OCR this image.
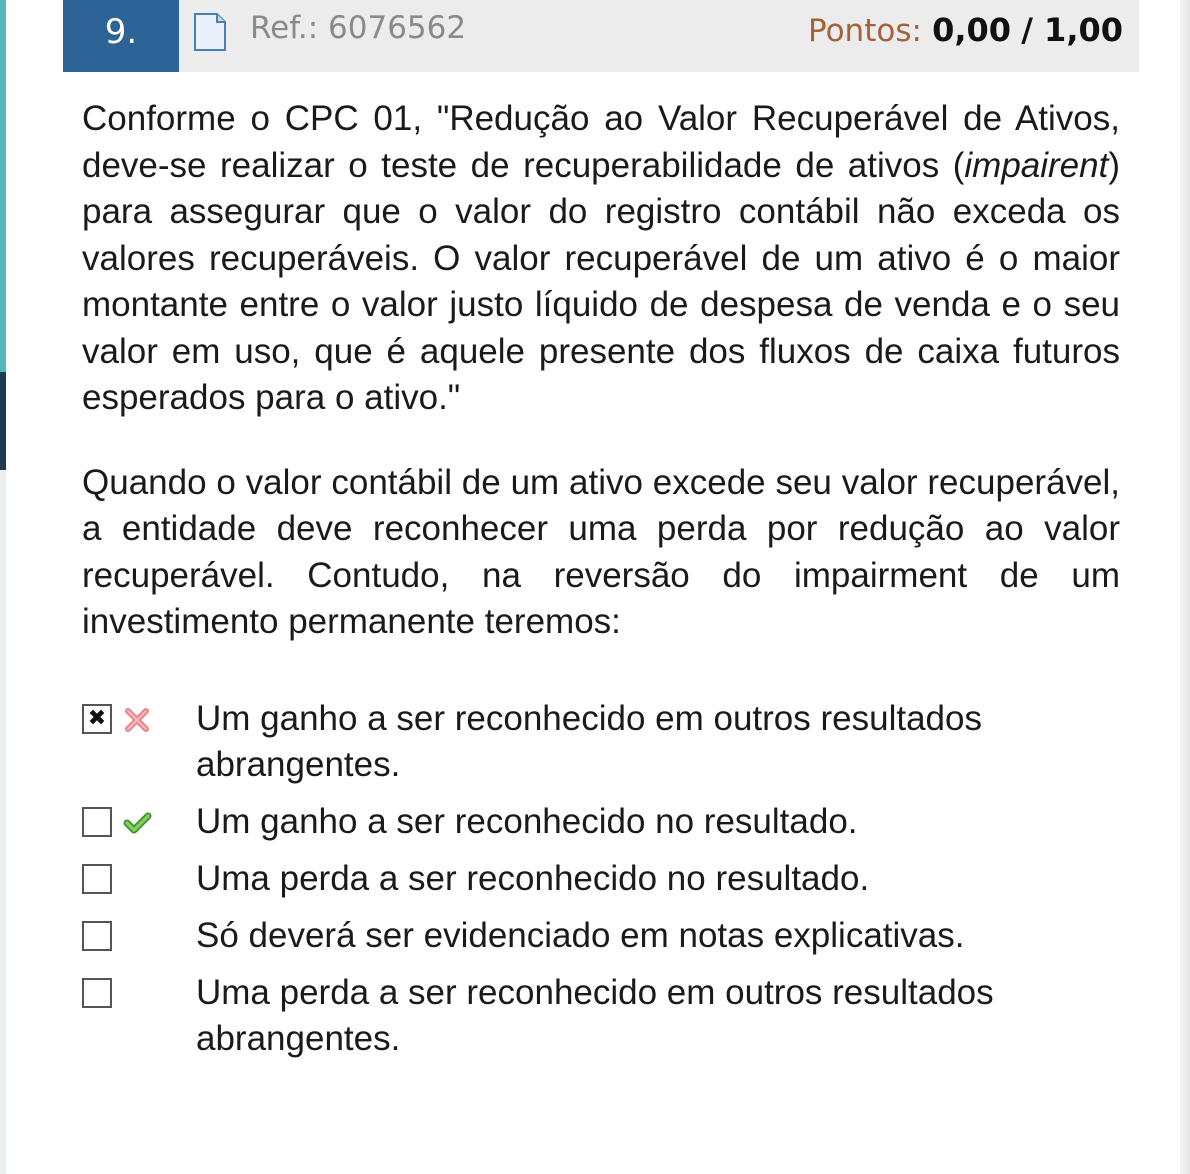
9.	Ref.: 6076562	Pontos: 0,00 / 1,00

Conforme o CPC 01, "Redução ao Valor Recuperável de Ativos, deve-se realizar o teste de recuperabilidade de ativos (impairent) para assegurar que o valor do registro contábil não exceda os valores recuperáveis. O valor recuperável de um ativo é o maior montante entre o valor justo líquido de despesa de venda e o seu valor em uso, que é aquele presente dos fluxos de caixa futuros esperados para o ativo."

Quando o valor contábil de um ativo excede seu valor recuperável, a entidade deve reconhecer uma perda por redução ao valor recuperável. Contudo, na reversão do impairment de um investimento permanente teremos:

✖
Um ganho a ser reconhecido em outros resultados abrangentes.
Um ganho a ser reconhecido no resultado.
Uma perda a ser reconhecido no resultado.
Só deverá ser evidenciado em notas explicativas.
Uma perda a ser reconhecido em outros resultados abrangentes.
